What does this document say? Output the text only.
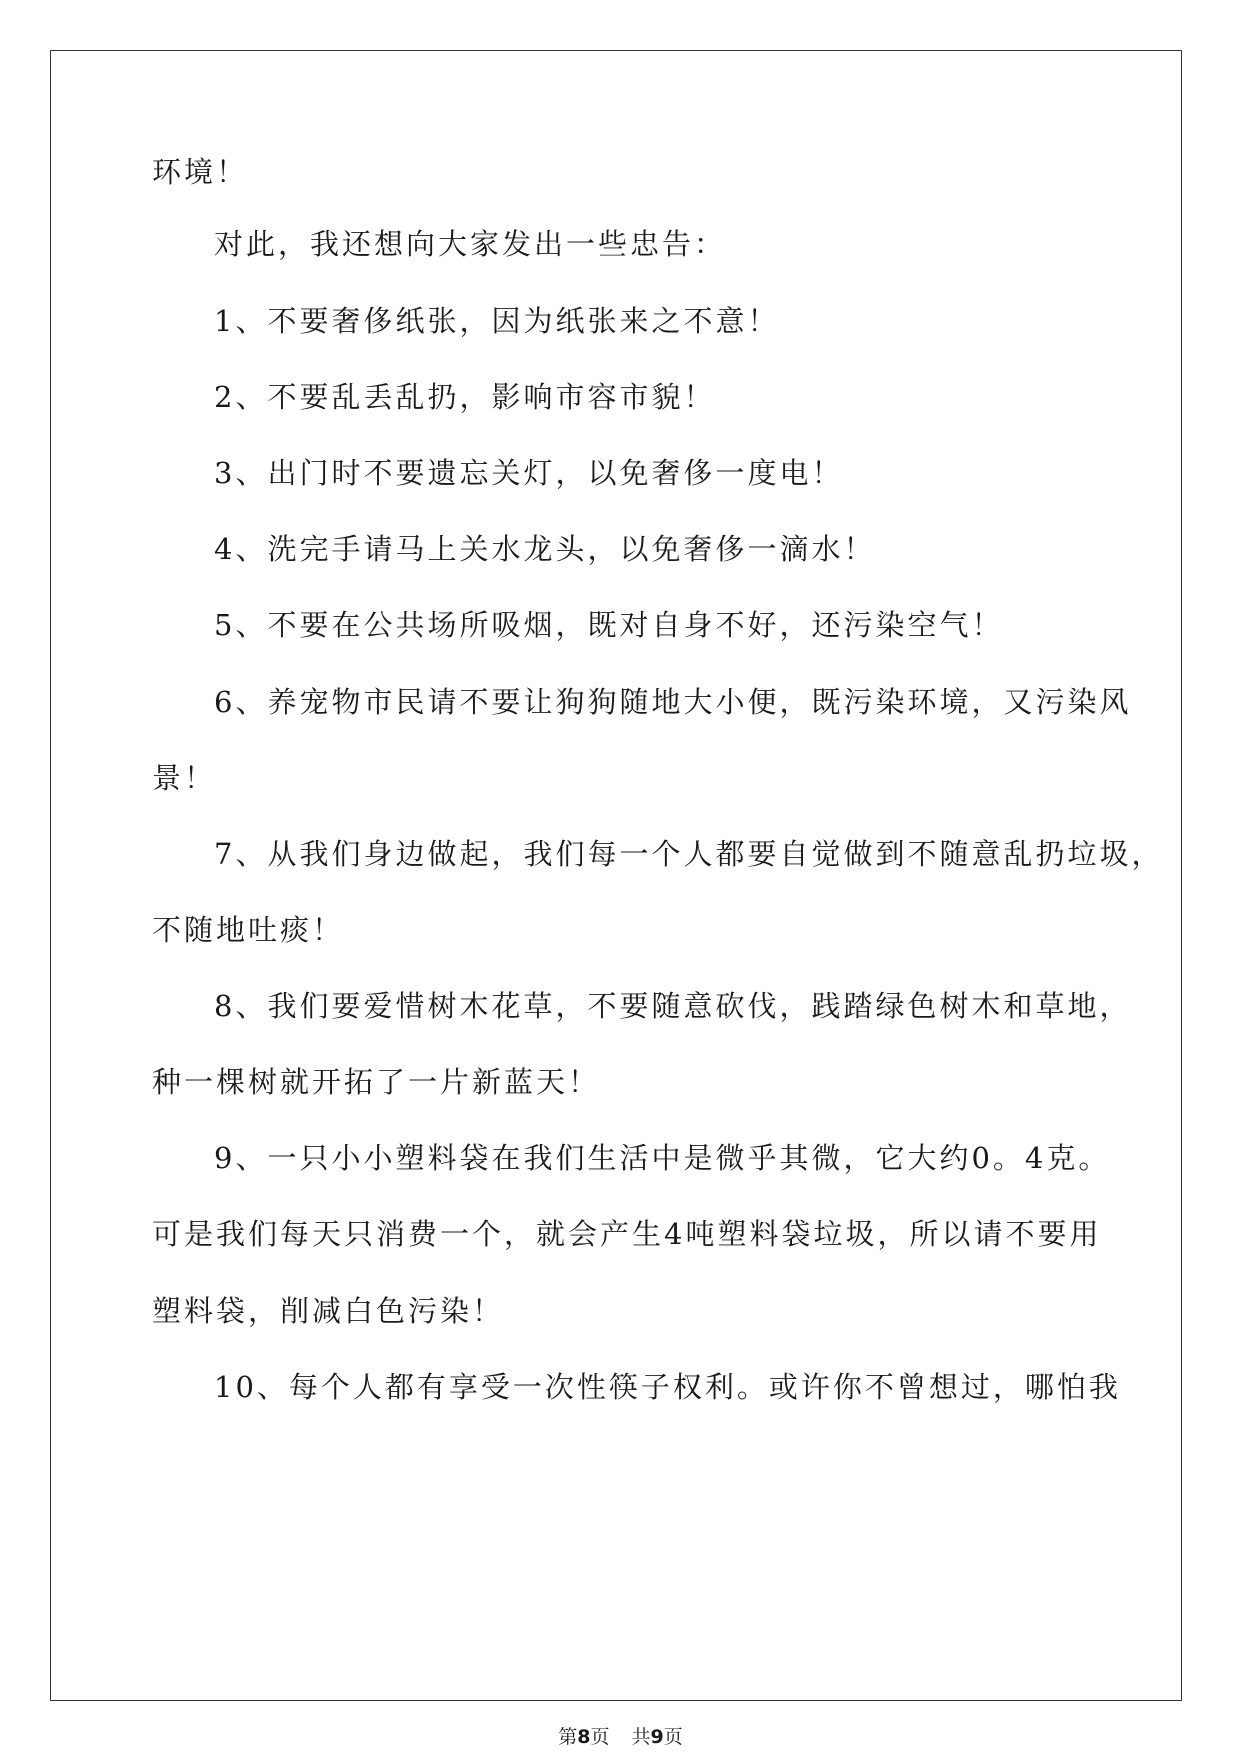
环境！
对此，我还想向大家发出一些忠告：
1、不要奢侈纸张，因为纸张来之不意！
2、不要乱丢乱扔，影响市容市貌！
3、出门时不要遗忘关灯，以免奢侈一度电！
4、洗完手请马上关水龙头，以免奢侈一滴水！
5、不要在公共场所吸烟，既对自身不好，还污染空气！
6、养宠物市民请不要让狗狗随地大小便，既污染环境，又污染风
景！
7、从我们身边做起，我们每一个人都要自觉做到不随意乱扔垃圾，
不随地吐痰！
8、我们要爱惜树木花草，不要随意砍伐，践踏绿色树木和草地，
种一棵树就开拓了一片新蓝天！
9、一只小小塑料袋在我们生活中是微乎其微，它大约0。4克。
可是我们每天只消费一个，就会产生4吨塑料袋垃圾，所以请不要用
塑料袋，削减白色污染！
10、每个人都有享受一次性筷子权利。或许你不曾想过，哪怕我
第8页 共9页
